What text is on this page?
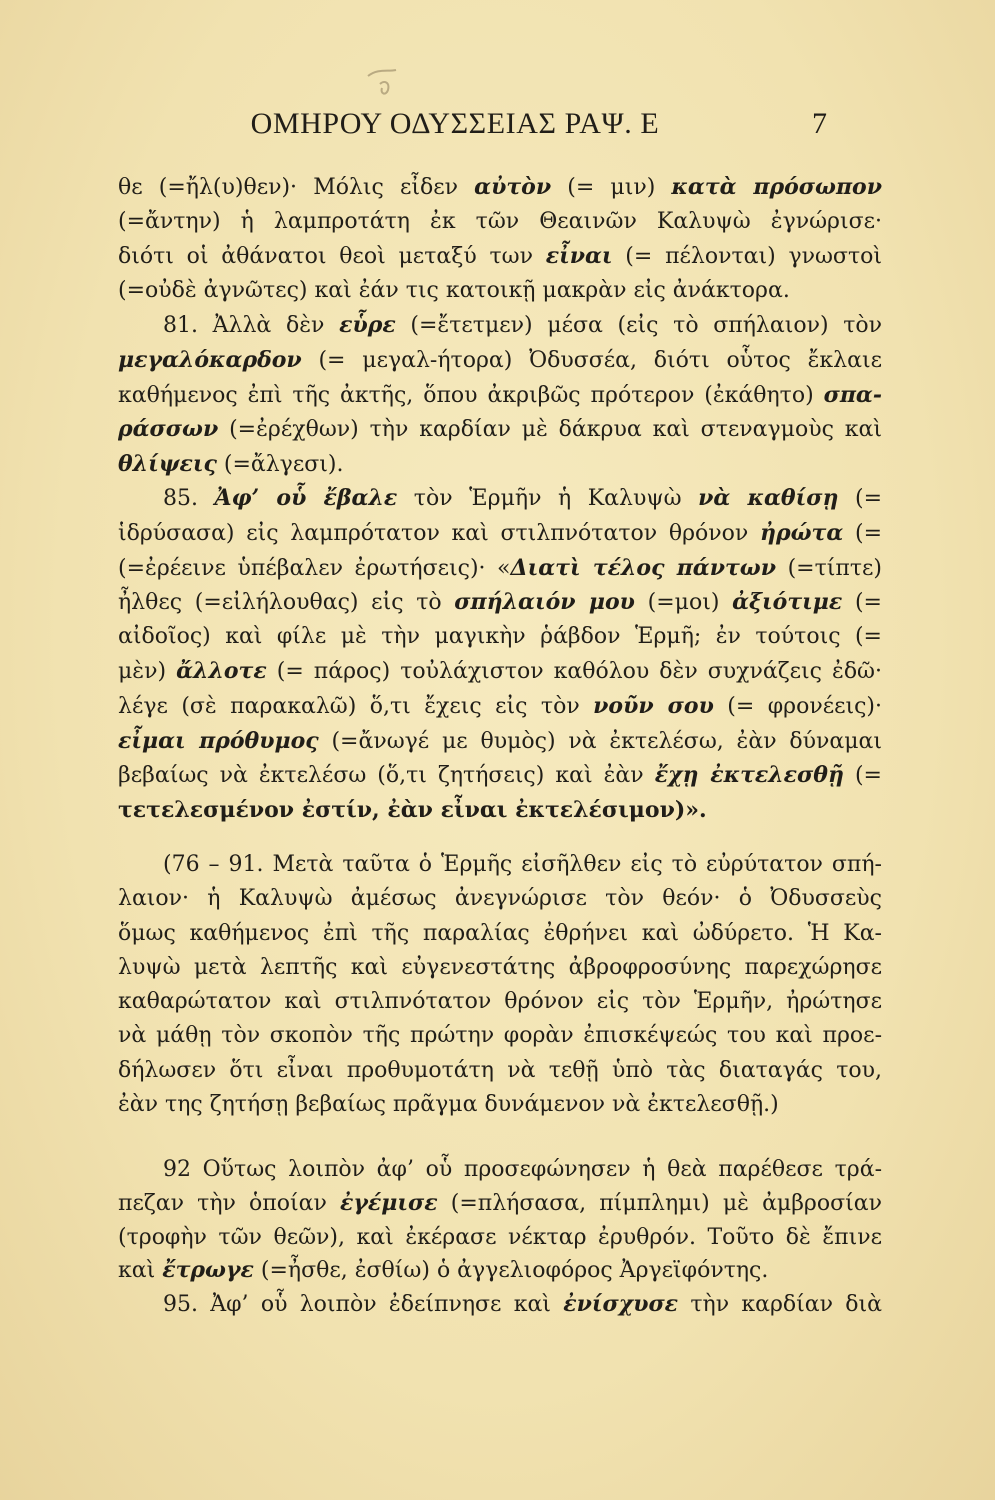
ΟΜΗΡΟΥ ΟΔΥΣΣΕΙΑΣ ΡΑΨ. Ε	7
θε (=ἤλ(υ)θεν)· Μόλις εἶδεν αὐτὸν (= μιν) κατὰ πρόσωπον
(=ἄντην) ἡ λαμπροτάτη ἐκ τῶν Θεαινῶν Καλυψὼ ἐγνώρισε·
διότι οἱ ἀθάνατοι θεοὶ μεταξύ των εἶναι (= πέλονται) γνωστοὶ
(=οὐδὲ ἀγνῶτες) καὶ ἐάν τις κατοικῇ μακρὰν εἰς ἀνάκτορα.
81. Ἀλλὰ δὲν εὗρε (=ἔτετμεν) μέσα (εἰς τὸ σπήλαιον) τὸν
μεγαλόκαρδον (= μεγαλ-ήτορα) Ὀδυσσέα, διότι οὗτος ἔκλαιε
καθήμενος ἐπὶ τῆς ἀκτῆς, ὅπου ἀκριβῶς πρότερον (ἐκάθητο) σπα-
ράσσων (=ἐρέχθων) τὴν καρδίαν μὲ δάκρυα καὶ στεναγμοὺς καὶ
θλίψεις (=ἄλγεσι).
85. Ἀφ’ οὗ ἔβαλε τὸν Ἑρμῆν ἡ Καλυψὼ νὰ καθίσῃ (=
ἱδρύσασα) εἰς λαμπρότατον καὶ στιλπνότατον θρόνον ἠρώτα (=
(=ἐρέεινε ὑπέβαλεν ἐρωτήσεις)· «Διατὶ τέλος πάντων (=τίπτε)
ἦλθες (=εἰλήλουθας) εἰς τὸ σπήλαιόν μου (=μοι) ἀξιότιμε (=
αἰδοῖος) καὶ φίλε μὲ τὴν μαγικὴν ῥάβδον Ἑρμῆ; ἐν τούτοις (=
μὲν) ἄλλοτε (= πάρος) τοὐλάχιστον καθόλου δὲν συχνάζεις ἐδῶ·
λέγε (σὲ παρακαλῶ) ὅ,τι ἔχεις εἰς τὸν νοῦν σου (= φρονέεις)·
εἶμαι πρόθυμος (=ἄνωγέ με θυμὸς) νὰ ἐκτελέσω, ἐὰν δύναμαι
βεβαίως νὰ ἐκτελέσω (ὅ,τι ζητήσεις) καὶ ἐὰν ἔχῃ ἐκτελεσθῇ (=
τετελεσμένον ἐστίν, ἐὰν εἶναι ἐκτελέσιμον)».
(76 – 91. Μετὰ ταῦτα ὁ Ἑρμῆς εἰσῆλθεν εἰς τὸ εὐρύτατον σπή-
λαιον· ἡ Καλυψὼ ἀμέσως ἀνεγνώρισε τὸν θεόν· ὁ Ὀδυσσεὺς
ὅμως καθήμενος ἐπὶ τῆς παραλίας ἐθρήνει καὶ ὠδύρετο. Ἡ Κα-
λυψὼ μετὰ λεπτῆς καὶ εὐγενεστάτης ἀβροφροσύνης παρεχώρησε
καθαρώτατον καὶ στιλπνότατον θρόνον εἰς τὸν Ἑρμῆν, ἠρώτησε
νὰ μάθῃ τὸν σκοπὸν τῆς πρώτην φορὰν ἐπισκέψεώς του καὶ προε-
δήλωσεν ὅτι εἶναι προθυμοτάτη νὰ τεθῇ ὑπὸ τὰς διαταγάς του,
ἐὰν της ζητήσῃ βεβαίως πρᾶγμα δυνάμενον νὰ ἐκτελεσθῇ.)
92 Οὕτως λοιπὸν ἀφ’ οὗ προσεφώνησεν ἡ θεὰ παρέθεσε τρά-
πεζαν τὴν ὁποίαν ἐγέμισε (=πλήσασα, πίμπλημι) μὲ ἀμβροσίαν
(τροφὴν τῶν θεῶν), καὶ ἐκέρασε νέκταρ ἐρυθρόν. Τοῦτο δὲ ἔπινε
καὶ ἔτρωγε (=ἦσθε, ἐσθίω) ὁ ἀγγελιοφόρος Ἀργεϊφόντης.
95. Ἀφ’ οὗ λοιπὸν ἐδείπνησε καὶ ἐνίσχυσε τὴν καρδίαν διὰ
